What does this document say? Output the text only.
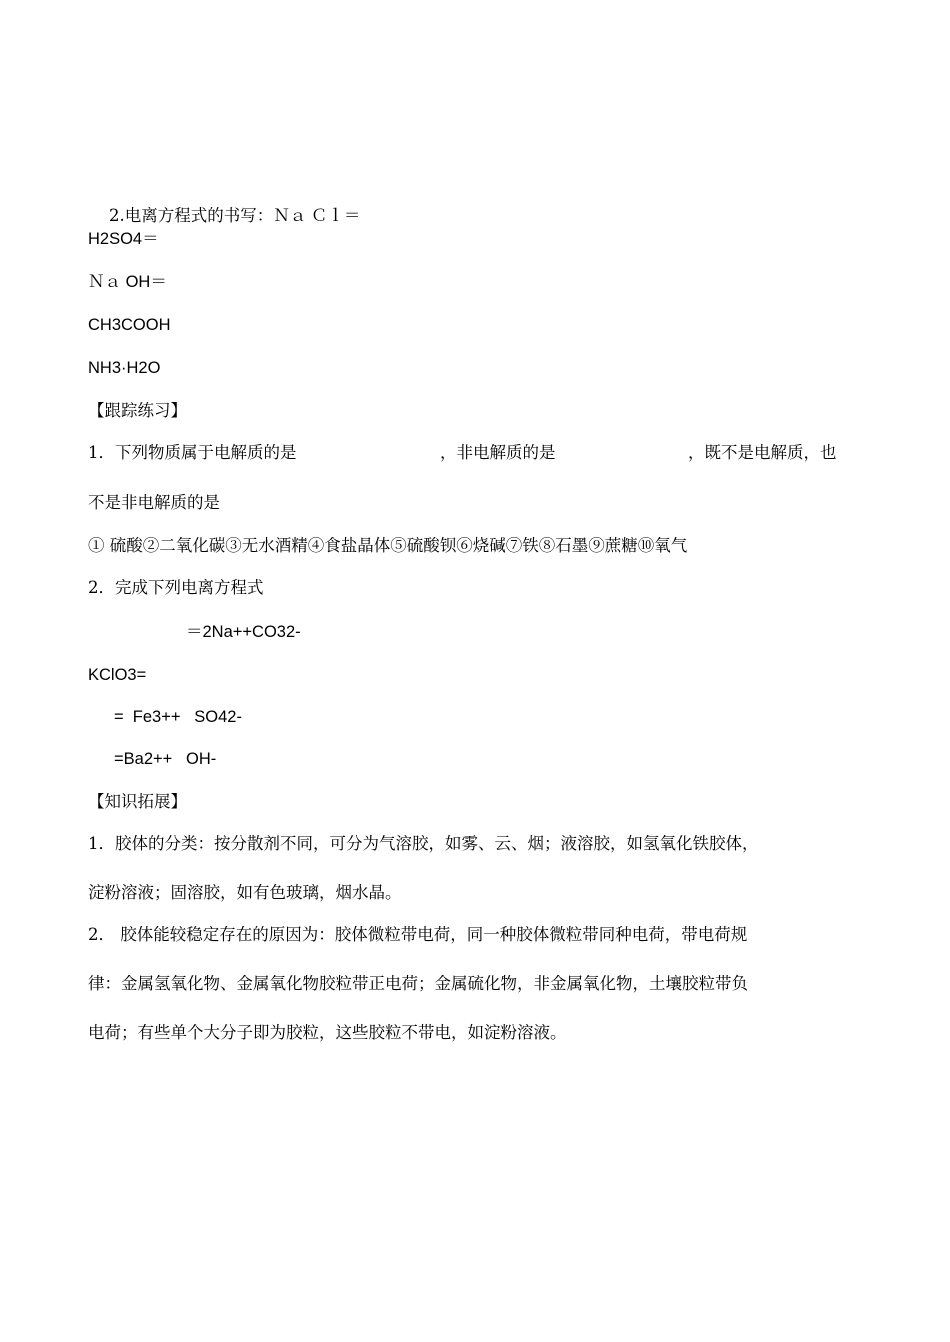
2.电离方程式的书写：Ｎａ Ｃｌ＝

H2SO4＝
Ｎａ OH＝
CH3COOH
NH3·H2O
【跟踪练习】
1．下列物质属于电解质的是	，非电解质的是	，既不是电解质，也
不是非电解质的是
① 硫酸②二氧化碳③无水酒精④食盐晶体⑤硫酸钡⑥烧碱⑦铁⑧石墨⑨蔗糖⑩氧气
2．完成下列电离方程式
＝2Na++CO32-
KClO3=
=  Fe3++   SO42-
=Ba2++   OH-
【知识拓展】
1．胶体的分类：按分散剂不同，可分为气溶胶，如雾、云、烟；液溶胶，如氢氧化铁胶体，
淀粉溶液；固溶胶，如有色玻璃，烟水晶。
2． 胶体能较稳定存在的原因为：胶体微粒带电荷，同一种胶体微粒带同种电荷，带电荷规
律：金属氢氧化物、金属氧化物胶粒带正电荷；金属硫化物，非金属氧化物，土壤胶粒带负
电荷；有些单个大分子即为胶粒，这些胶粒不带电，如淀粉溶液。
